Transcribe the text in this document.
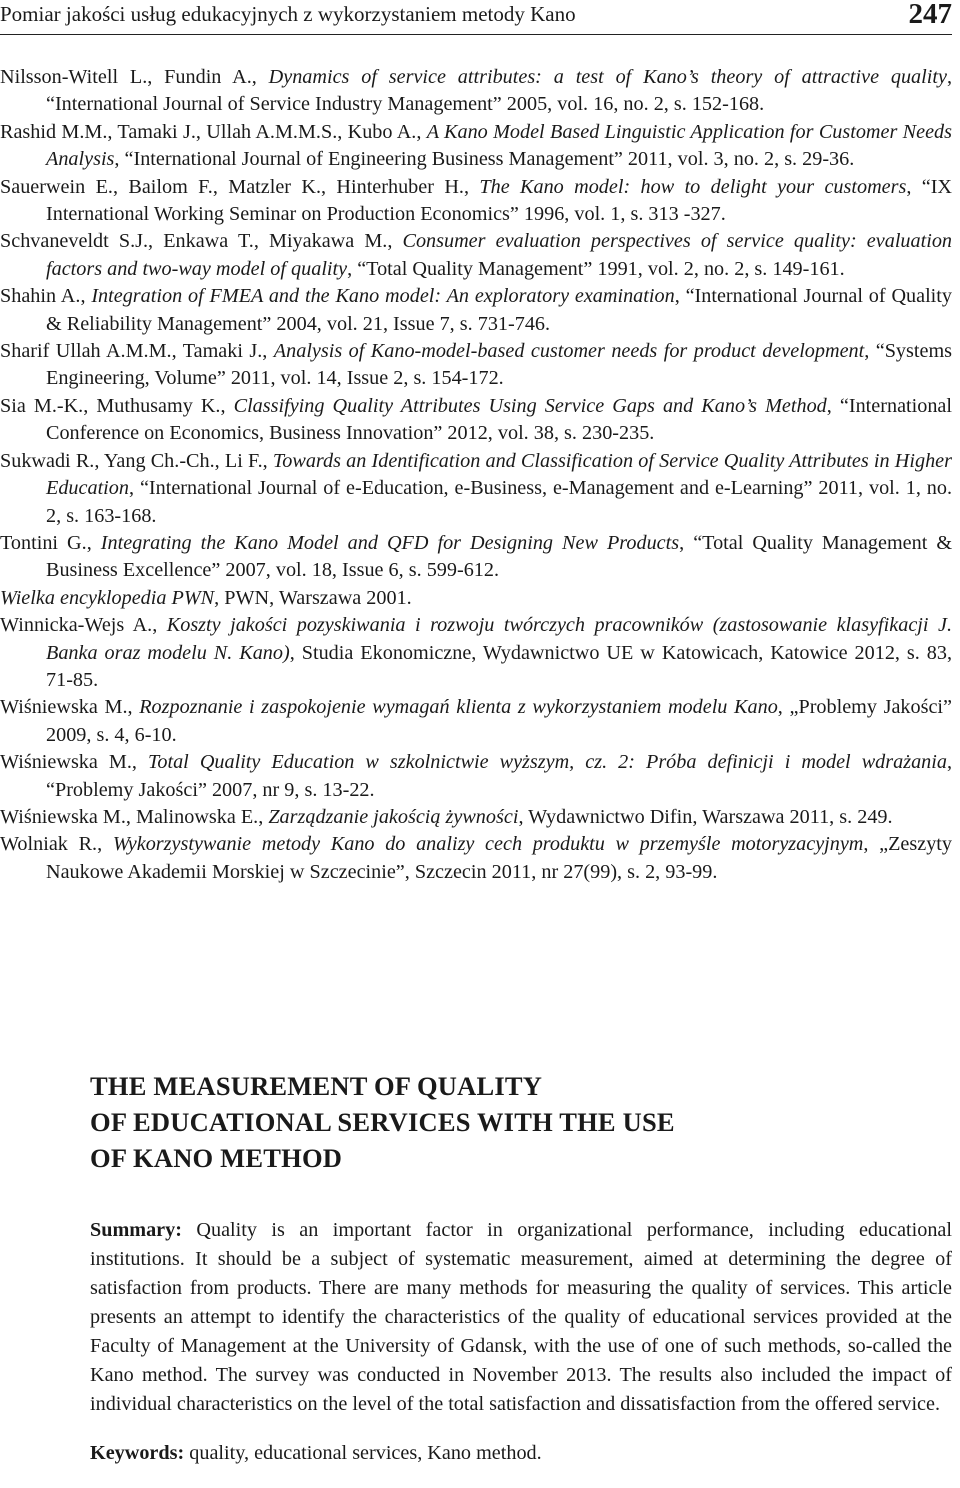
Pomiar jakości usług edukacyjnych z wykorzystaniem metody Kano	247
Nilsson-Witell L., Fundin A., Dynamics of service attributes: a test of Kano’s theory of attractive quality, “International Journal of Service Industry Management” 2005, vol. 16, no. 2, s. 152-168.
Rashid M.M., Tamaki J., Ullah A.M.M.S., Kubo A., A Kano Model Based Linguistic Application for Customer Needs Analysis, “International Journal of Engineering Business Management” 2011, vol. 3, no. 2, s. 29-36.
Sauerwein E., Bailom F., Matzler K., Hinterhuber H., The Kano model: how to delight your customers, “IX International Working Seminar on Production Economics” 1996, vol. 1, s. 313 -327.
Schvaneveldt S.J., Enkawa T., Miyakawa M., Consumer evaluation perspectives of service quality: evaluation factors and two-way model of quality, “Total Quality Management” 1991, vol. 2, no. 2, s. 149-161.
Shahin A., Integration of FMEA and the Kano model: An exploratory examination, “International Journal of Quality & Reliability Management” 2004, vol. 21, Issue 7, s. 731-746.
Sharif Ullah A.M.M., Tamaki J., Analysis of Kano-model-based customer needs for product development, “Systems Engineering, Volume” 2011, vol. 14, Issue 2, s. 154-172.
Sia M.-K., Muthusamy K., Classifying Quality Attributes Using Service Gaps and Kano’s Method, “International Conference on Economics, Business Innovation” 2012, vol. 38, s. 230-235.
Sukwadi R., Yang Ch.-Ch., Li F., Towards an Identification and Classification of Service Quality Attributes in Higher Education, “International Journal of e-Education, e-Business, e-Management and e-Learning” 2011, vol. 1, no. 2, s. 163-168.
Tontini G., Integrating the Kano Model and QFD for Designing New Products, “Total Quality Management & Business Excellence” 2007, vol. 18, Issue 6, s. 599-612.
Wielka encyklopedia PWN, PWN, Warszawa 2001.
Winnicka-Wejs A., Koszty jakości pozyskiwania i rozwoju twórczych pracowników (zastosowanie klasyfikacji J. Banka oraz modelu N. Kano), Studia Ekonomiczne, Wydawnictwo UE w Katowicach, Katowice 2012, s. 83, 71-85.
Wiśniewska M., Rozpoznanie i zaspokojenie wymagań klienta z wykorzystaniem modelu Kano, „Problemy Jakości” 2009, s. 4, 6-10.
Wiśniewska M., Total Quality Education w szkolnictwie wyższym, cz. 2: Próba definicji i model wdrażania, “Problemy Jakości” 2007, nr 9, s. 13-22.
Wiśniewska M., Malinowska E., Zarządzanie jakością żywności, Wydawnictwo Difin, Warszawa 2011, s. 249.
Wolniak R., Wykorzystywanie metody Kano do analizy cech produktu w przemyśle motoryzacyjnym, „Zeszyty Naukowe Akademii Morskiej w Szczecinie”, Szczecin 2011, nr 27(99), s. 2, 93-99.
THE MEASUREMENT OF QUALITY
OF EDUCATIONAL SERVICES WITH THE USE
OF KANO METHOD

Summary: Quality is an important factor in organizational performance, including educational institutions. It should be a subject of systematic measurement, aimed at determining the degree of satisfaction from products. There are many methods for measuring the quality of services. This article presents an attempt to identify the characteristics of the quality of educational services provided at the Faculty of Management at the University of Gdansk, with the use of one of such methods, so-called the Kano method. The survey was conducted in November 2013. The results also included the impact of individual characteristics on the level of the total satisfaction and dissatisfaction from the offered service.

Keywords: quality, educational services, Kano method.
